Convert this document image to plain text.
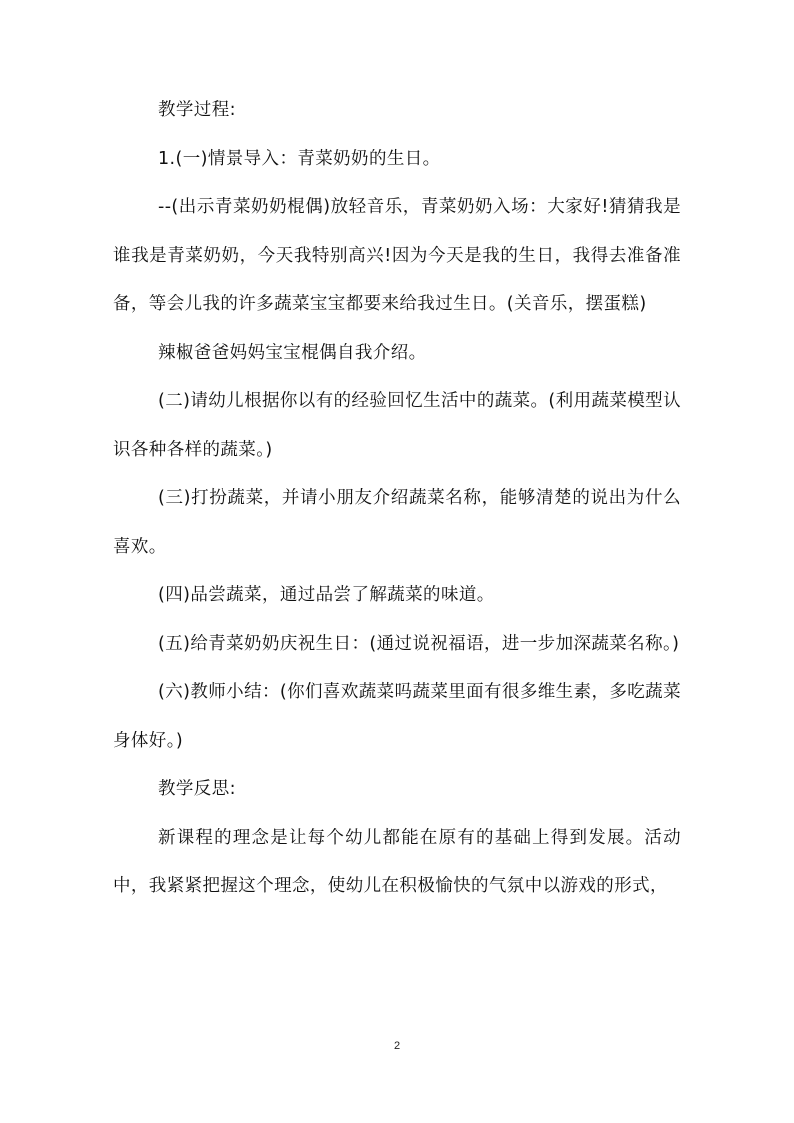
教学过程:

1.(一)情景导入：青菜奶奶的生日。

--(出示青菜奶奶棍偶)放轻音乐，青菜奶奶入场：大家好!猜猜我是谁我是青菜奶奶，今天我特别高兴!因为今天是我的生日，我得去准备准备，等会儿我的许多蔬菜宝宝都要来给我过生日。(关音乐，摆蛋糕)

辣椒爸爸妈妈宝宝棍偶自我介绍。

(二)请幼儿根据你以有的经验回忆生活中的蔬菜。(利用蔬菜模型认识各种各样的蔬菜。)

(三)打扮蔬菜，并请小朋友介绍蔬菜名称，能够清楚的说出为什么喜欢。

(四)品尝蔬菜，通过品尝了解蔬菜的味道。

(五)给青菜奶奶庆祝生日：(通过说祝福语，进一步加深蔬菜名称。)

(六)教师小结：(你们喜欢蔬菜吗蔬菜里面有很多维生素，多吃蔬菜身体好。)

教学反思:

新课程的理念是让每个幼儿都能在原有的基础上得到发展。活动中，我紧紧把握这个理念，使幼儿在积极愉快的气氛中以游戏的形式，

2
